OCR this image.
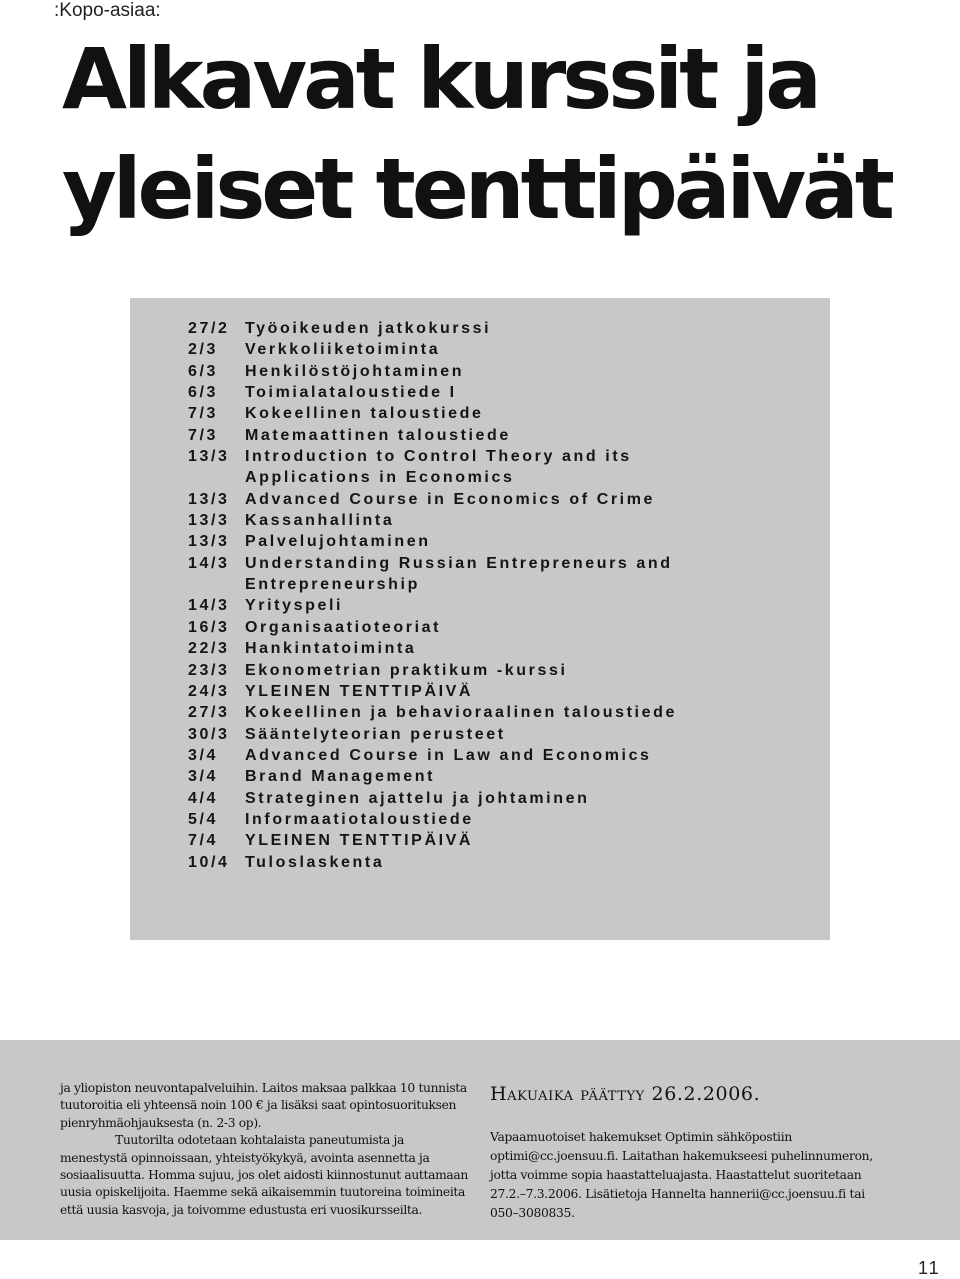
:Kopo-asiaa:
Alkavat kurssit ja
yleiset tenttipäivät
27/2 Työoikeuden jatkokurssi
2/3	Verkkoliiketoiminta
6/3	Henkilöstöjohtaminen
6/3	Toimialataloustiede I
7/3	Kokeellinen taloustiede
7/3	Matemaattinen taloustiede
13/3 Introduction to Control Theory and its Applications in Economics
13/3 Advanced Course in Economics of Crime
13/3 Kassanhallinta
13/3 Palvelujohtaminen
14/3 Understanding Russian Entrepreneurs and Entrepreneurship
14/3 Yrityspeli
16/3 Organisaatioteoriat
22/3 Hankintatoiminta
23/3 Ekonometrian praktikum -kurssi
24/3 YLEINEN TENTTIPÄIVÄ
27/3 Kokeellinen ja behavioraalinen taloustiede
30/3 Sääntelyteorian perusteet
3/4	Advanced Course in Law and Economics
3/4	Brand Management
4/4	Strateginen ajattelu ja johtaminen
5/4	Informaatiotaloustiede
7/4	YLEINEN TENTTIPÄIVÄ
10/4 Tuloslaskenta

ja yliopiston neuvontapalveluihin. Laitos maksaa palkkaa 10 tunnista tuutoroitia eli yhteensä noin 100 € ja lisäksi saat opintosuorituksen pienryhmäohjauksesta (n. 2-3 op).

Tuutorilta odotetaan kohtalaista paneutumista ja menestystä opinnoissaan, yhteistyökykyä, avointa asennetta ja sosiaalisuutta. Homma sujuu, jos olet aidosti kiinnostunut auttamaan uusia opiskelijoita. Haemme sekä aikaisemmin tuutoreina toimineita että uusia kasvoja, ja toivomme edustusta eri vuosikursseilta.

Hakuaika päättyy 26.2.2006.

Vapaamuotoiset hakemukset Optimin sähköpostiin optimi@cc.joensuu.fi. Laitathan hakemukseesi puhelinnumeron, jotta voimme sopia haastatteluajasta. Haastattelut suoritetaan 27.2.–7.3.2006. Lisätietoja Hannelta hannerii@cc.joensuu.fi tai 050–3080835.

11
